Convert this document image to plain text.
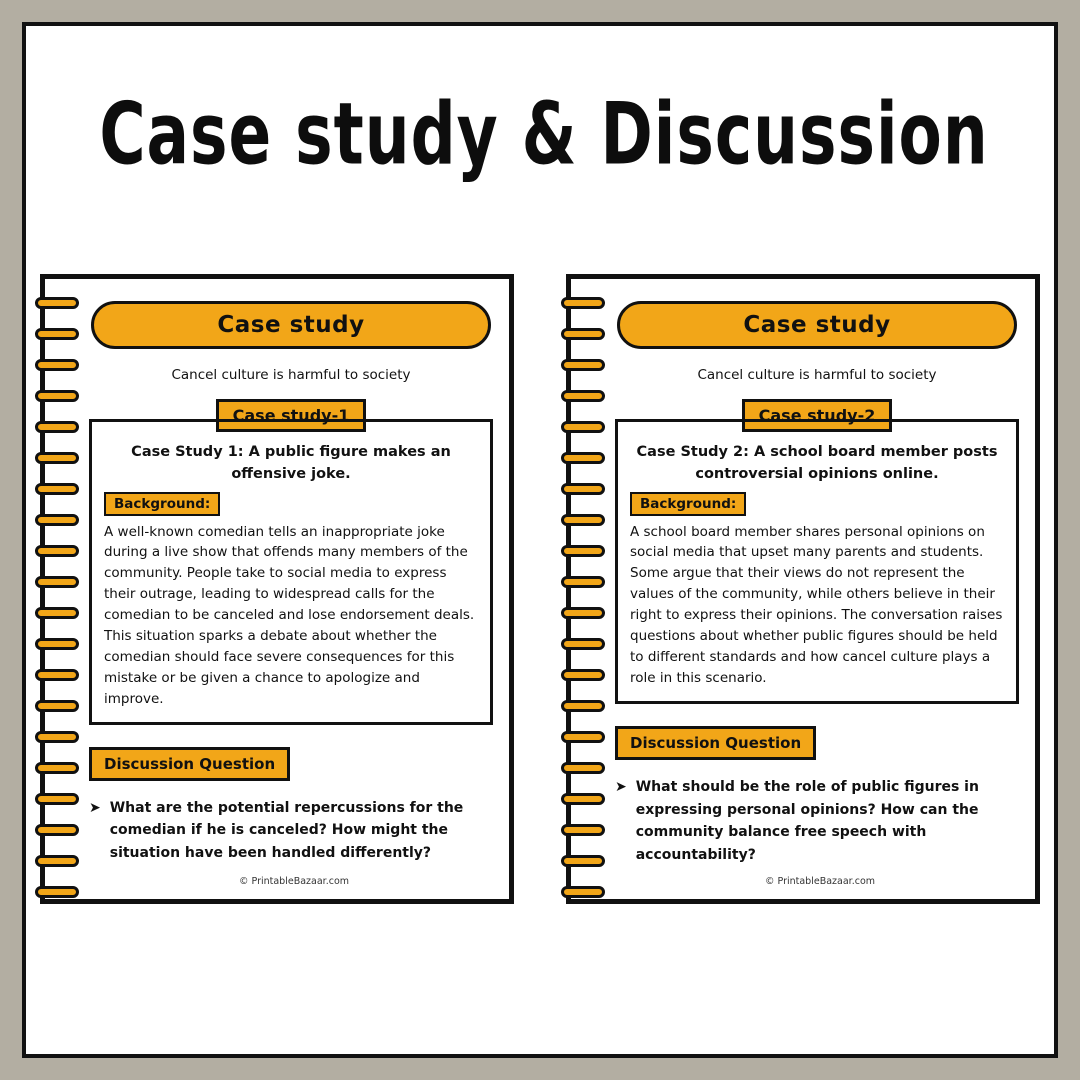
Case study & Discussion
Case study
Cancel culture is harmful to society
Case study-1
Case Study 1: A public figure makes an offensive joke.
Background:
A well-known comedian tells an inappropriate joke during a live show that offends many members of the community. People take to social media to express their outrage, leading to widespread calls for the comedian to be canceled and lose endorsement deals. This situation sparks a debate about whether the comedian should face severe consequences for this mistake or be given a chance to apologize and improve.
Discussion Question
➤ What are the potential repercussions for the comedian if he is canceled? How might the situation have been handled differently?
© PrintableBazaar.com
Case study
Cancel culture is harmful to society
Case study-2
Case Study 2: A school board member posts controversial opinions online.
Background:
A school board member shares personal opinions on social media that upset many parents and students. Some argue that their views do not represent the values of the community, while others believe in their right to express their opinions. The conversation raises questions about whether public figures should be held to different standards and how cancel culture plays a role in this scenario.
Discussion Question
➤ What should be the role of public figures in expressing personal opinions? How can the community balance free speech with accountability?
© PrintableBazaar.com
